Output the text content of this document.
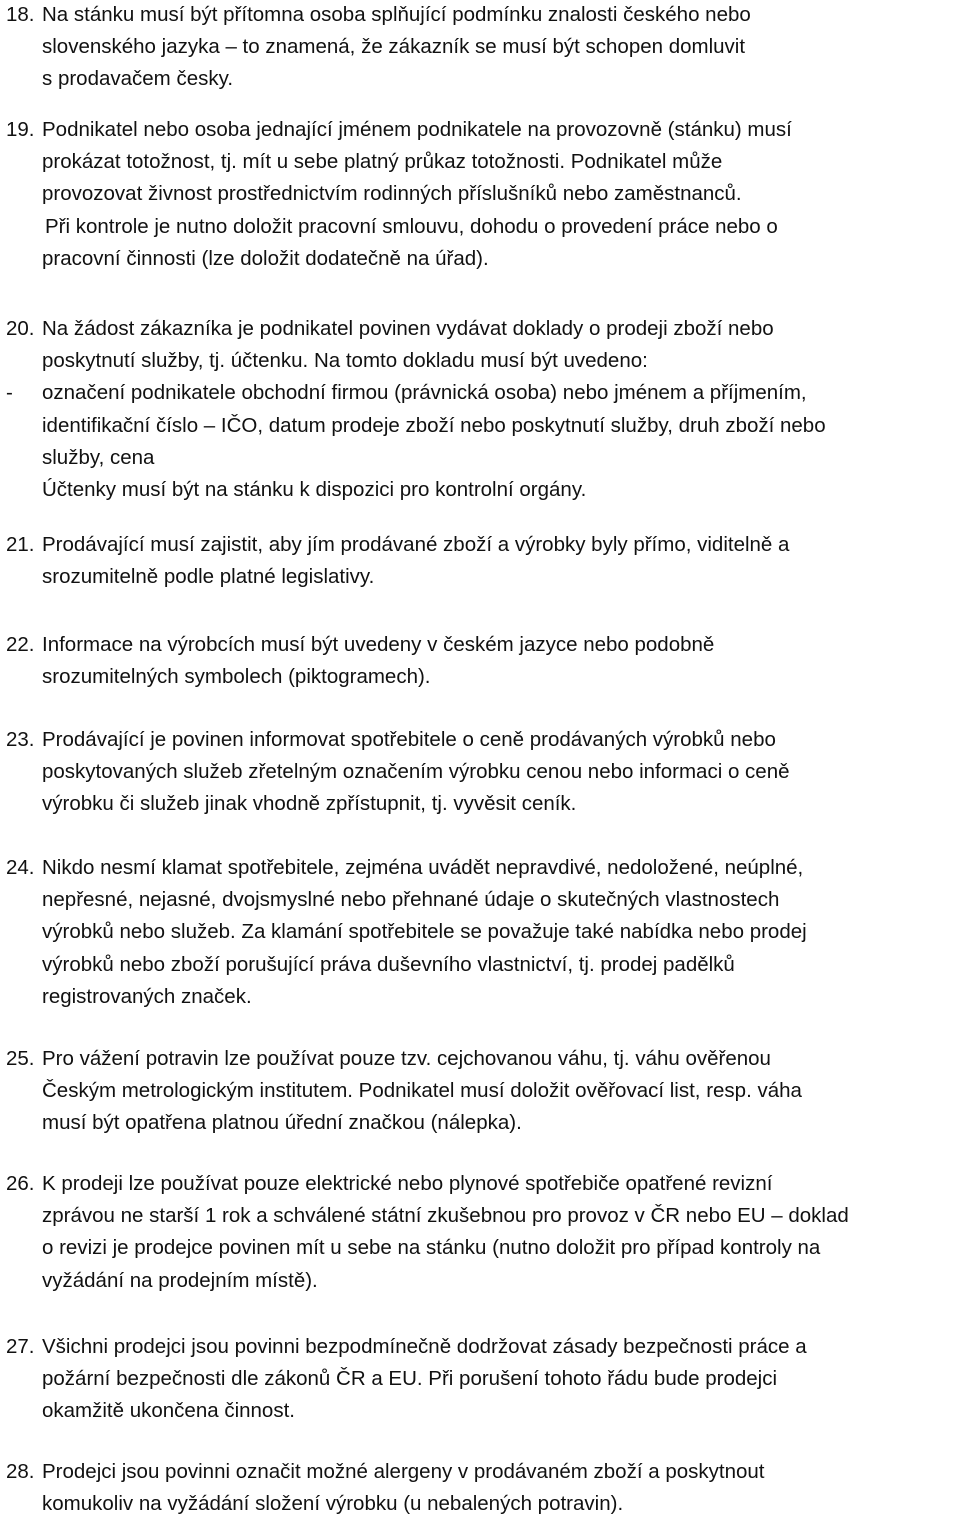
18. Na stánku musí být přítomna osoba splňující podmínku znalosti českého nebo
slovenského jazyka – to znamená, že zákazník se musí být schopen domluvit
s prodavačem česky.
19. Podnikatel nebo osoba jednající jménem podnikatele na provozovně (stánku) musí
prokázat totožnost, tj. mít u sebe platný průkaz totožnosti. Podnikatel může
provozovat živnost prostřednictvím rodinných příslušníků nebo zaměstnanců.
Při kontrole je nutno doložit pracovní smlouvu, dohodu o provedení práce nebo o
pracovní činnosti (lze doložit dodatečně na úřad).
20. Na žádost zákazníka je podnikatel povinen vydávat doklady o prodeji zboží nebo
poskytnutí služby, tj. účtenku. Na tomto dokladu musí být uvedeno:
- označení podnikatele obchodní firmou (právnická osoba) nebo jménem a příjmením,
identifikační číslo – IČO, datum prodeje zboží nebo poskytnutí služby, druh zboží nebo
služby, cena
Účtenky musí být na stánku k dispozici pro kontrolní orgány.
21. Prodávající musí zajistit, aby jím prodávané zboží a výrobky byly přímo, viditelně a
srozumitelně podle platné legislativy.
22. Informace na výrobcích musí být uvedeny v českém jazyce nebo podobně
srozumitelných symbolech (piktogramech).
23. Prodávající je povinen informovat spotřebitele o ceně prodávaných výrobků nebo
poskytovaných služeb zřetelným označením výrobku cenou nebo informaci o ceně
výrobku či služeb jinak vhodně zpřístupnit, tj. vyvěsit ceník.
24. Nikdo nesmí klamat spotřebitele, zejména uvádět nepravdivé, nedoložené, neúplné,
nepřesné, nejasné, dvojsmyslné nebo přehnané údaje o skutečných vlastnostech
výrobků nebo služeb. Za klamání spotřebitele se považuje také nabídka nebo prodej
výrobků nebo zboží porušující práva duševního vlastnictví, tj. prodej padělků
registrovaných značek.
25. Pro vážení potravin lze používat pouze tzv. cejchovanou váhu, tj. váhu ověřenou
Českým metrologickým institutem. Podnikatel musí doložit ověřovací list, resp. váha
musí být opatřena platnou úřední značkou (nálepka).
26. K prodeji lze používat pouze elektrické nebo plynové spotřebiče opatřené revizní
zprávou ne starší 1 rok a schválené státní zkušebnou pro provoz v ČR nebo EU – doklad
o revizi je prodejce povinen mít u sebe na stánku (nutno doložit pro případ kontroly na
vyžádání na prodejním místě).
27. Všichni prodejci jsou povinni bezpodmínečně dodržovat zásady bezpečnosti práce a
požární bezpečnosti dle zákonů ČR a EU. Při porušení tohoto řádu bude prodejci
okamžitě ukončena činnost.
28. Prodejci jsou povinni označit možné alergeny v prodávaném zboží a poskytnout
komukoliv na vyžádání složení výrobku (u nebalených potravin).
